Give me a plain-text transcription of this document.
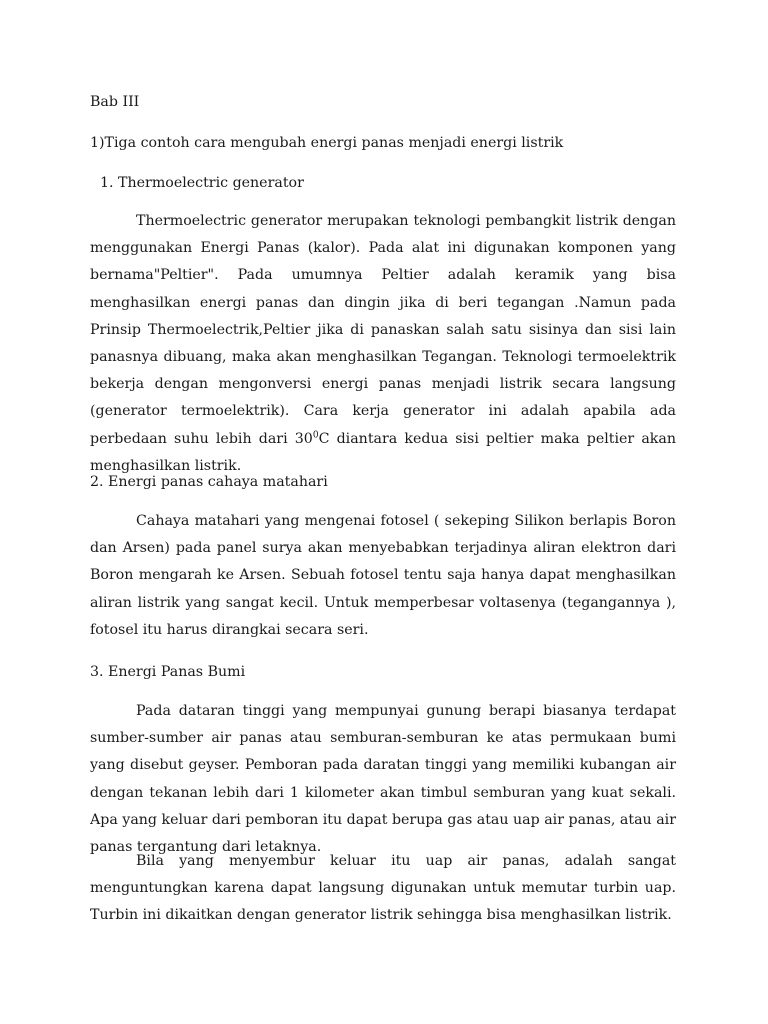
Bab III

1)Tiga contoh cara mengubah energi panas menjadi energi listrik

1. Thermoelectric generator

Thermoelectric generator merupakan teknologi pembangkit listrik dengan menggunakan Energi Panas (kalor). Pada alat ini digunakan komponen yang bernama"Peltier". Pada umumnya Peltier adalah keramik yang bisa menghasilkan energi panas dan dingin jika di beri tegangan .Namun pada Prinsip Thermoelectrik,Peltier jika di panaskan salah satu sisinya dan sisi lain panasnya dibuang, maka akan menghasilkan Tegangan. Teknologi termoelektrik bekerja dengan mengonversi energi panas menjadi listrik secara langsung (generator termoelektrik). Cara kerja generator ini adalah apabila ada perbedaan suhu lebih dari $30^0C$ diantara kedua sisi peltier maka peltier akan menghasilkan listrik.

2. Energi panas cahaya matahari

Cahaya matahari yang mengenai fotosel ( sekeping Silikon berlapis Boron dan Arsen) pada panel surya akan menyebabkan terjadinya aliran elektron dari Boron mengarah ke Arsen. Sebuah fotosel tentu saja hanya dapat menghasilkan aliran listrik yang sangat kecil. Untuk memperbesar voltasenya (tegangannya ), fotosel itu harus dirangkai secara seri.

3. Energi Panas Bumi

Pada dataran tinggi yang mempunyai gunung berapi biasanya terdapat sumber-sumber air panas atau semburan-semburan ke atas permukaan bumi yang disebut geyser. Pemboran pada daratan tinggi yang memiliki kubangan air dengan tekanan lebih dari 1 kilometer akan timbul semburan yang kuat sekali. Apa yang keluar dari pemboran itu dapat berupa gas atau uap air panas, atau air panas tergantung dari letaknya.

Bila yang menyembur keluar itu uap air panas, adalah sangat menguntungkan karena dapat langsung digunakan untuk memutar turbin uap. Turbin ini dikaitkan dengan generator listrik sehingga bisa menghasilkan listrik.
